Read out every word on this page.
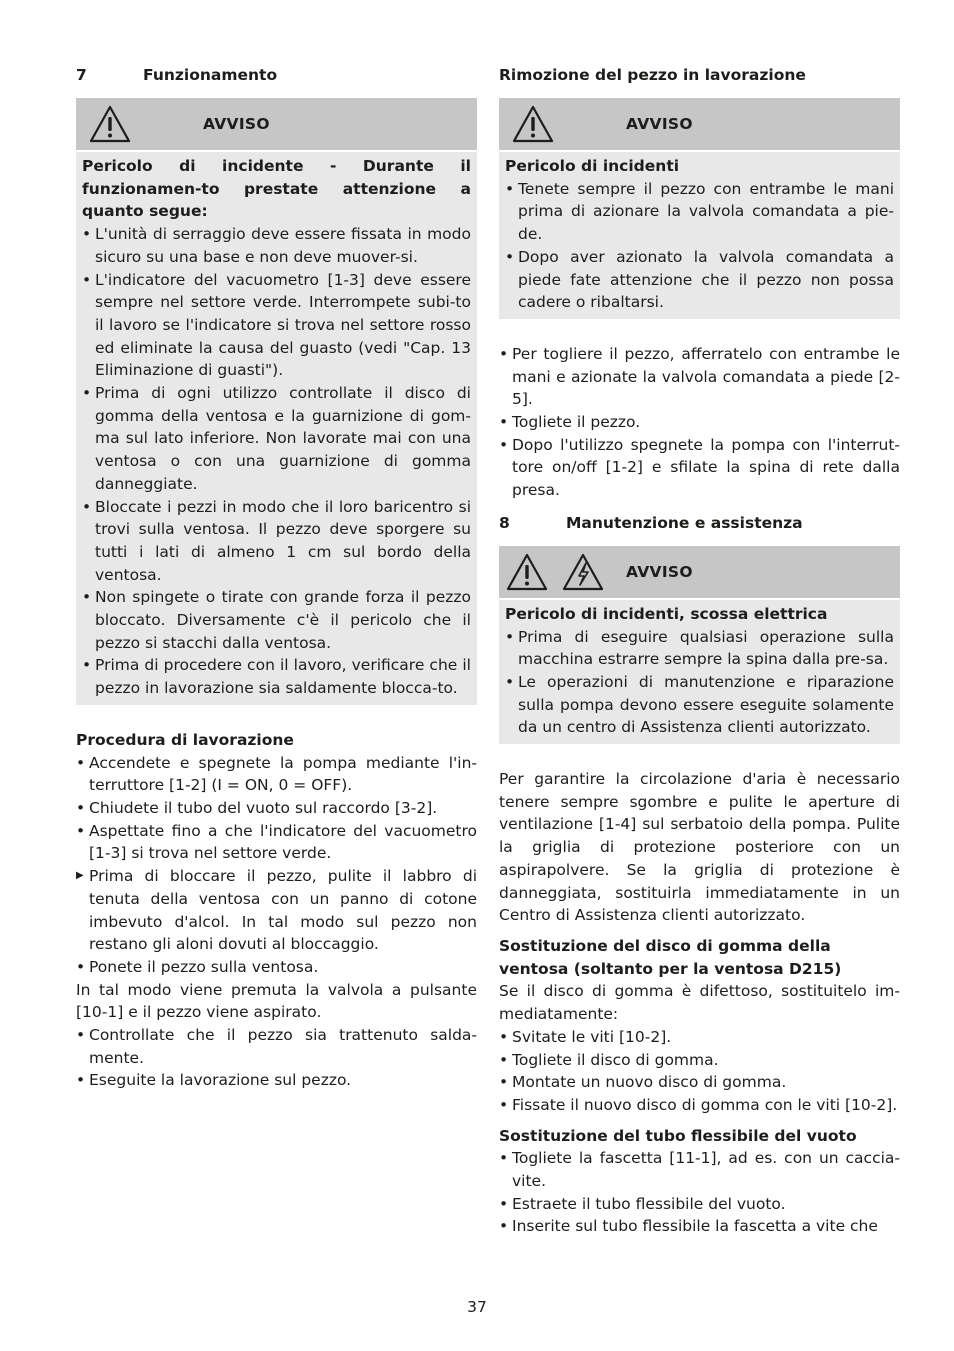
7	Funzionamento
AVVISO
Pericolo di incidente - Durante il funzionamen-to prestate attenzione a quanto segue:
• L'unità di serraggio deve essere fissata in modo sicuro su una base e non deve muover-si.
• L'indicatore del vacuometro [1-3] deve essere sempre nel settore verde. Interrompete subi-to il lavoro se l'indicatore si trova nel settore rosso ed eliminate la causa del guasto (vedi "Cap. 13 Eliminazione di guasti").
• Prima di ogni utilizzo controllate il disco di gomma della ventosa e la guarnizione di gom-ma sul lato inferiore. Non lavorate mai con una ventosa o con una guarnizione di gomma danneggiate.
• Bloccate i pezzi in modo che il loro baricentro si trovi sulla ventosa. Il pezzo deve sporgere su tutti i lati di almeno 1 cm sul bordo della ventosa.
• Non spingete o tirate con grande forza il pezzo bloccato. Diversamente c'è il pericolo che il pezzo si stacchi dalla ventosa.
• Prima di procedere con il lavoro, verificare che il pezzo in lavorazione sia saldamente blocca-to.
Procedura di lavorazione
• Accendete e spegnete la pompa mediante l'in-terruttore [1-2] (I = ON, 0 = OFF).
• Chiudete il tubo del vuoto sul raccordo [3-2].
• Aspettate fino a che l'indicatore del vacuometro [1-3] si trova nel settore verde.
▶ Prima di bloccare il pezzo, pulite il labbro di tenuta della ventosa con un panno di cotone imbevuto d'alcol. In tal modo sul pezzo non restano gli aloni dovuti al bloccaggio.
• Ponete il pezzo sulla ventosa.
In tal modo viene premuta la valvola a pulsante [10-1] e il pezzo viene aspirato.
• Controllate che il pezzo sia trattenuto salda-mente.
• Eseguite la lavorazione sul pezzo.
Rimozione del pezzo in lavorazione
AVVISO
Pericolo di incidenti
• Tenete sempre il pezzo con entrambe le mani prima di azionare la valvola comandata a pie-de.
• Dopo aver azionato la valvola comandata a piede fate attenzione che il pezzo non possa cadere o ribaltarsi.
• Per togliere il pezzo, afferratelo con entrambe le mani e azionate la valvola comandata a piede [2-5].
• Togliete il pezzo.
• Dopo l'utilizzo spegnete la pompa con l'interrut-tore on/off [1-2] e sfilate la spina di rete dalla presa.
8	Manutenzione e assistenza
AVVISO
Pericolo di incidenti, scossa elettrica
• Prima di eseguire qualsiasi operazione sulla macchina estrarre sempre la spina dalla pre-sa.
• Le operazioni di manutenzione e riparazione sulla pompa devono essere eseguite solamente da un centro di Assistenza clienti autorizzato.
Per garantire la circolazione d'aria è necessario tenere sempre sgombre e pulite le aperture di ventilazione [1-4] sul serbatoio della pompa. Pulite la griglia di protezione posteriore con un aspirapolvere. Se la griglia di protezione è danneggiata, sostituirla immediatamente in un Centro di Assistenza clienti autorizzato.
Sostituzione del disco di gomma della ventosa (soltanto per la ventosa D215)
Se il disco di gomma è difettoso, sostituitelo im-mediatamente:
• Svitate le viti [10-2].
• Togliete il disco di gomma.
• Montate un nuovo disco di gomma.
• Fissate il nuovo disco di gomma con le viti [10-2].
Sostituzione del tubo flessibile del vuoto
• Togliete la fascetta [11-1], ad es. con un caccia-vite.
• Estraete il tubo flessibile del vuoto.
• Inserite sul tubo flessibile la fascetta a vite che
37
